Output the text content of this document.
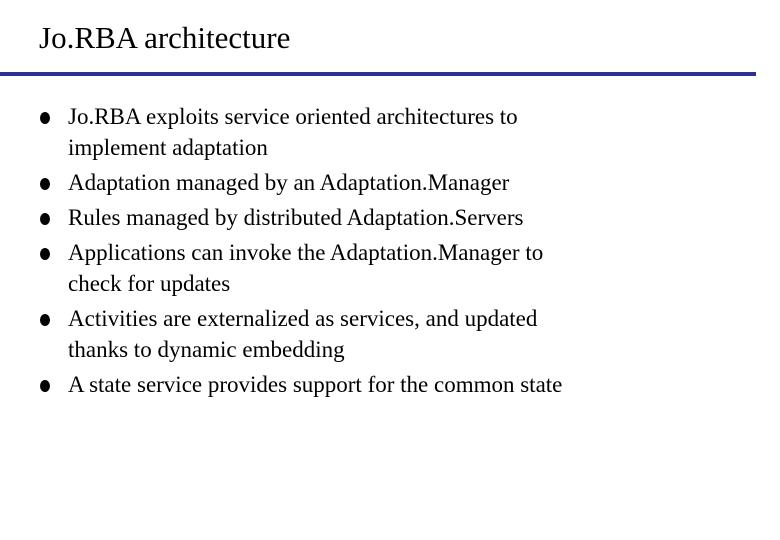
Jo.RBA architecture
Jo.RBA exploits service oriented architectures to
implement adaptation
Adaptation managed by an Adaptation.Manager
Rules managed by distributed Adaptation.Servers
Applications can invoke the Adaptation.Manager to
check for updates
Activities are externalized as services, and updated
thanks to dynamic embedding
A state service provides support for the common state
